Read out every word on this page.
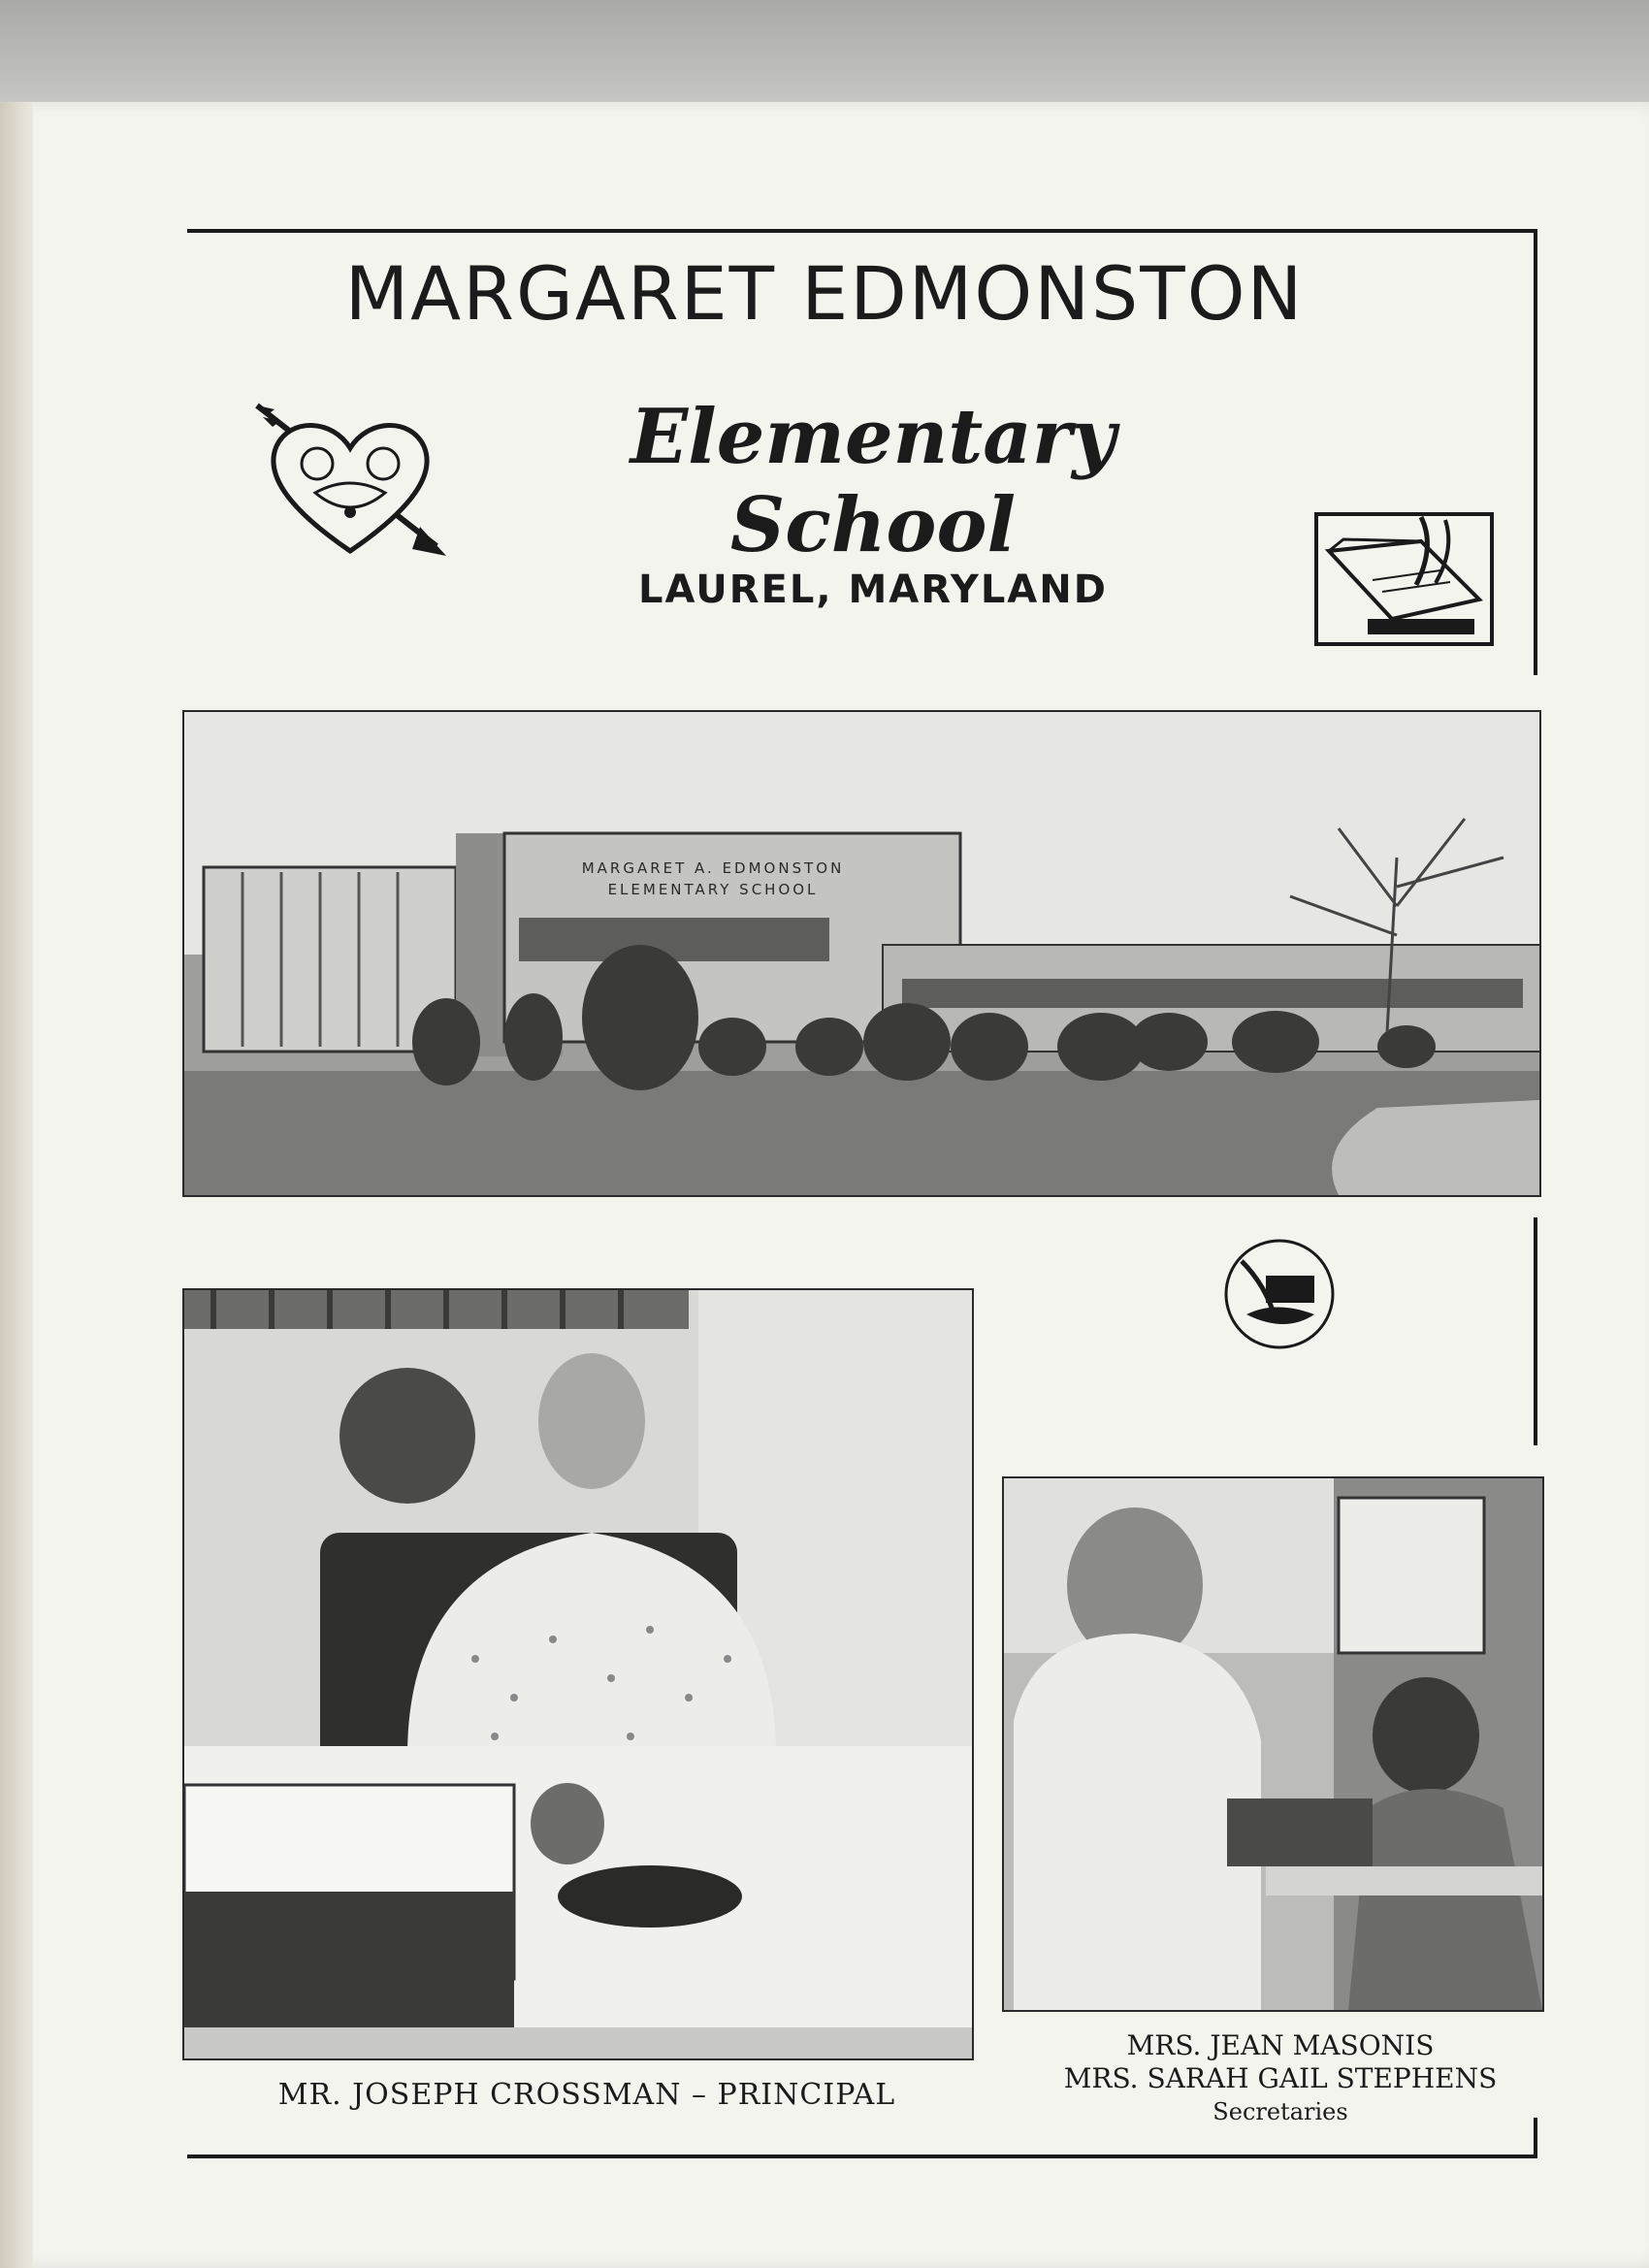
MARGARET EDMONSTON
Elementary School
LAUREL, MARYLAND
MARGARET A. EDMONSTON
ELEMENTARY SCHOOL
MR. JOSEPH CROSSMAN – PRINCIPAL
MRS. JEAN MASONIS
MRS. SARAH GAIL STEPHENS
Secretaries
